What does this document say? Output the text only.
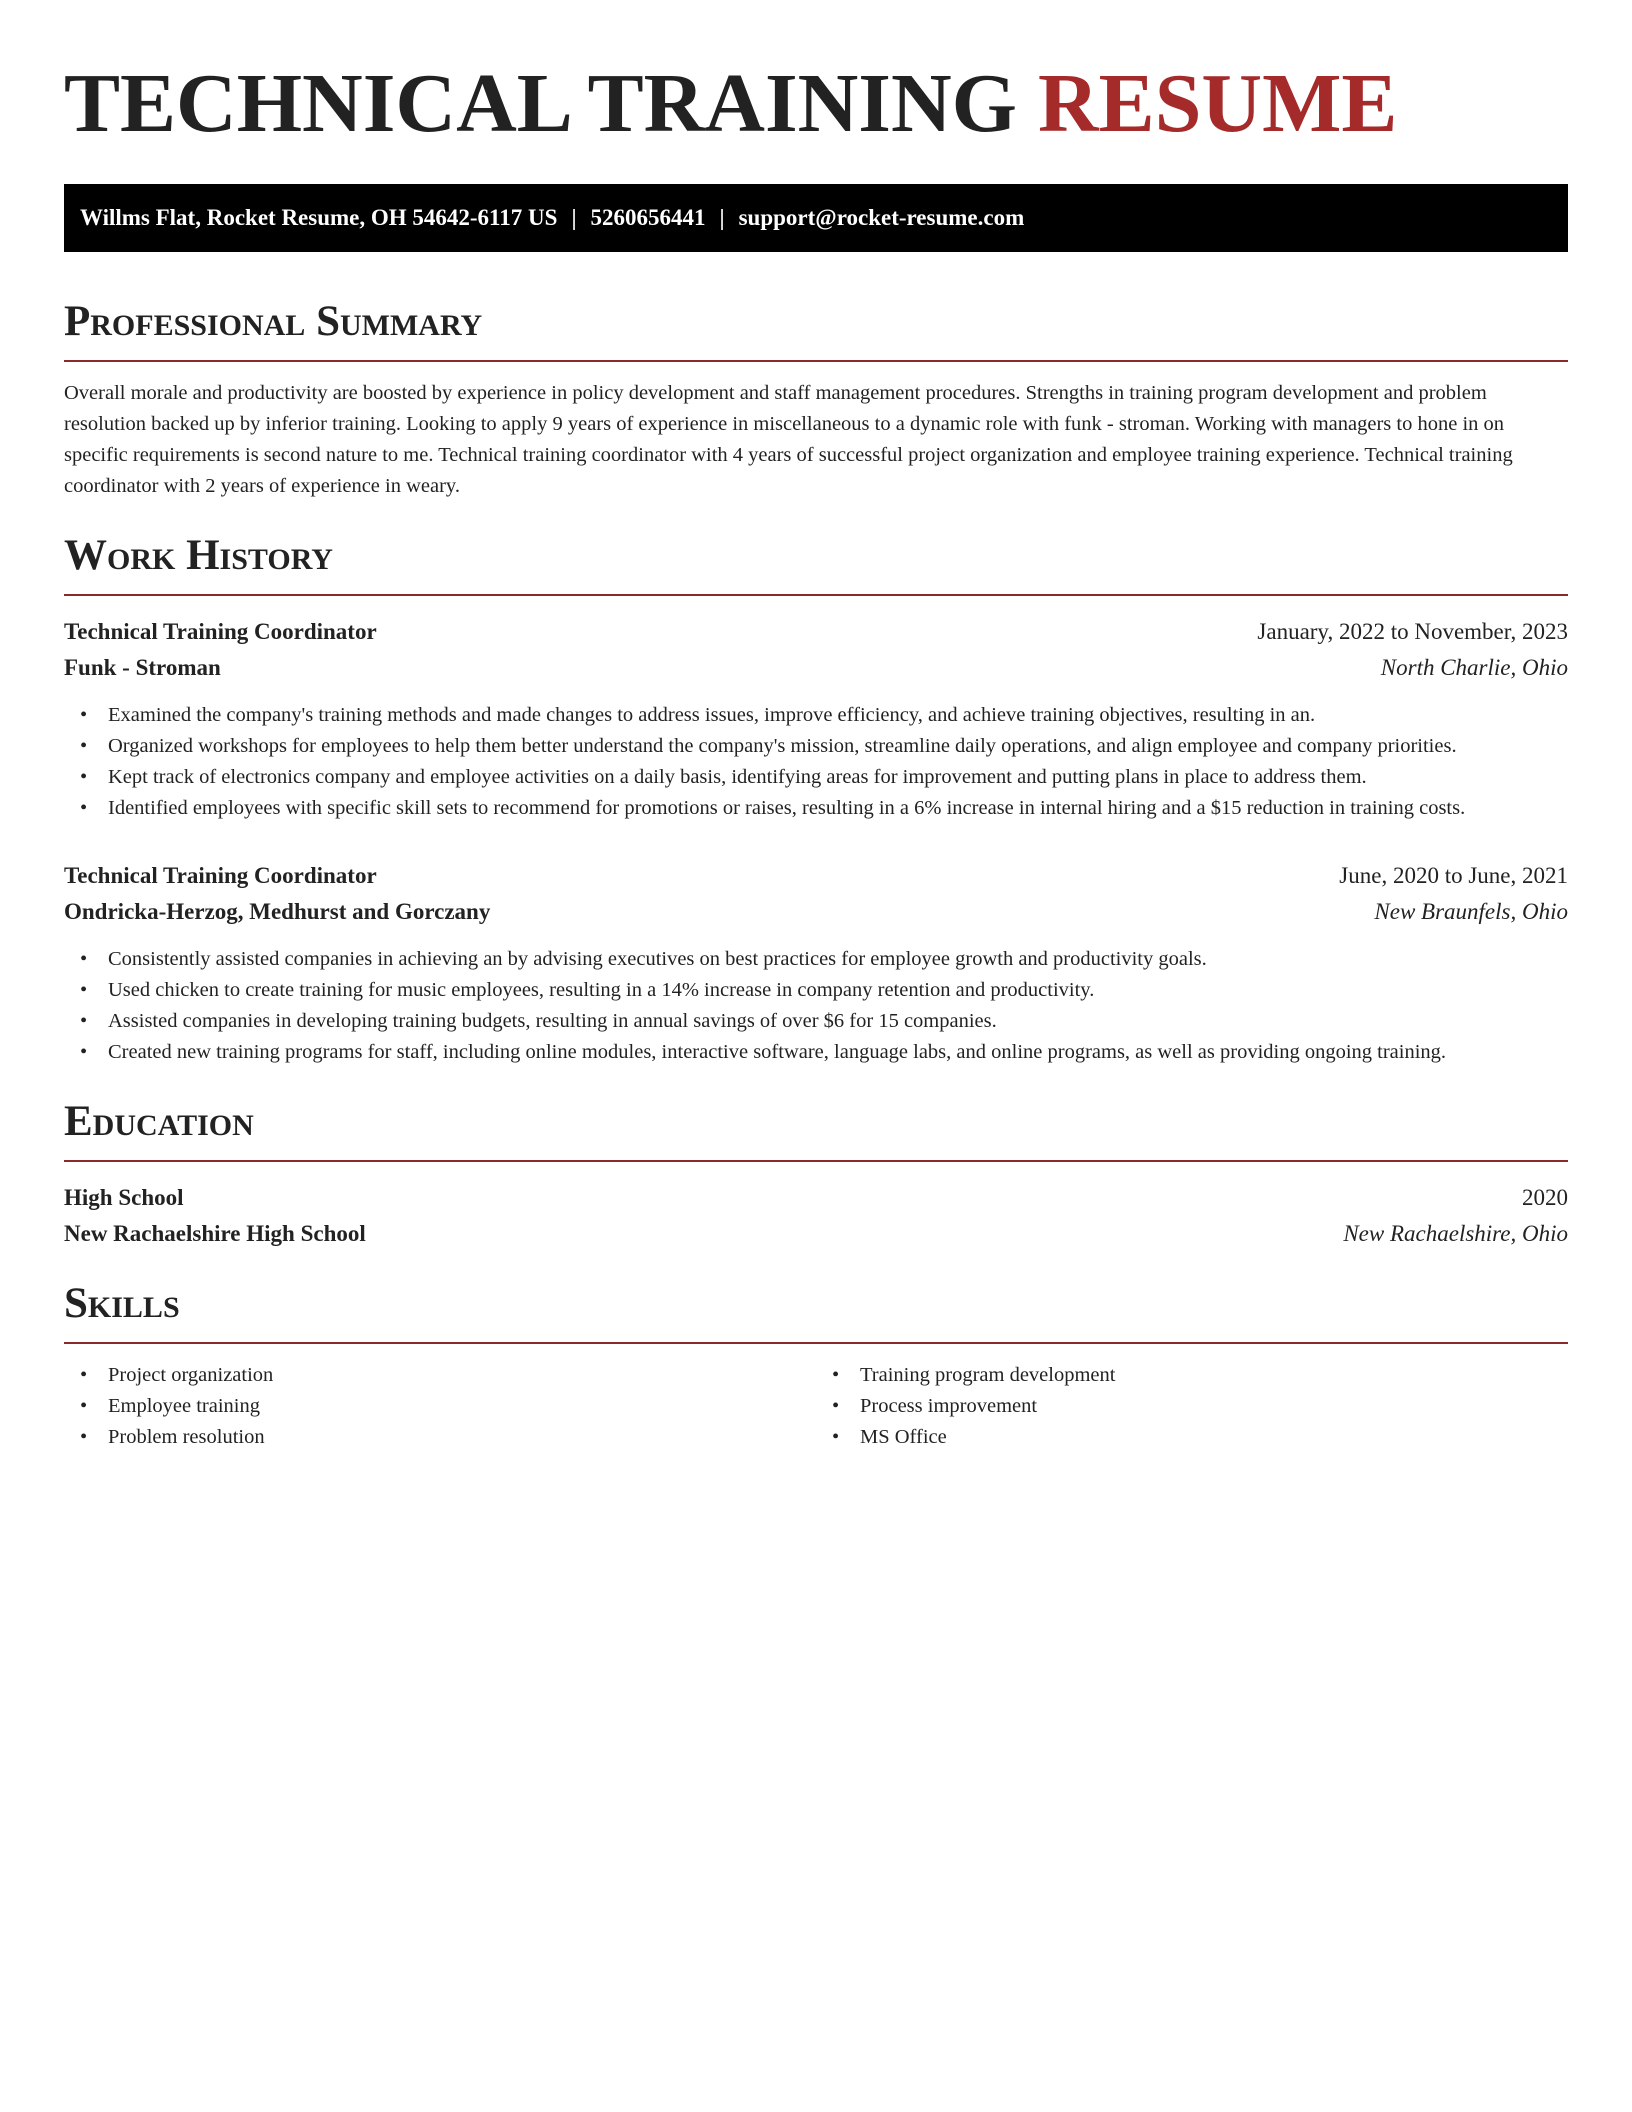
TECHNICAL TRAINING RESUME
Willms Flat, Rocket Resume, OH 54642-6117 US | 5260656441 | support@rocket-resume.com
Professional Summary

Overall morale and productivity are boosted by experience in policy development and staff management procedures. Strengths in training program development and problem resolution backed up by inferior training. Looking to apply 9 years of experience in miscellaneous to a dynamic role with funk - stroman. Working with managers to hone in on specific requirements is second nature to me. Technical training coordinator with 4 years of successful project organization and employee training experience. Technical training coordinator with 2 years of experience in weary.

Work History
Technical Training Coordinator	January, 2022 to November, 2023
Funk - Stroman	North Charlie, Ohio
• Examined the company's training methods and made changes to address issues, improve efficiency, and achieve training objectives, resulting in an.
• Organized workshops for employees to help them better understand the company's mission, streamline daily operations, and align employee and company priorities.
• Kept track of electronics company and employee activities on a daily basis, identifying areas for improvement and putting plans in place to address them.
• Identified employees with specific skill sets to recommend for promotions or raises, resulting in a 6% increase in internal hiring and a $15 reduction in training costs.
Technical Training Coordinator	June, 2020 to June, 2021
Ondricka-Herzog, Medhurst and Gorczany	New Braunfels, Ohio
• Consistently assisted companies in achieving an by advising executives on best practices for employee growth and productivity goals.
• Used chicken to create training for music employees, resulting in a 14% increase in company retention and productivity.
• Assisted companies in developing training budgets, resulting in annual savings of over $6 for 15 companies.
• Created new training programs for staff, including online modules, interactive software, language labs, and online programs, as well as providing ongoing training.
Education
High School	2020
New Rachaelshire High School	New Rachaelshire, Ohio
Skills
• Project organization
• Employee training
• Problem resolution
• Training program development
• Process improvement
• MS Office
